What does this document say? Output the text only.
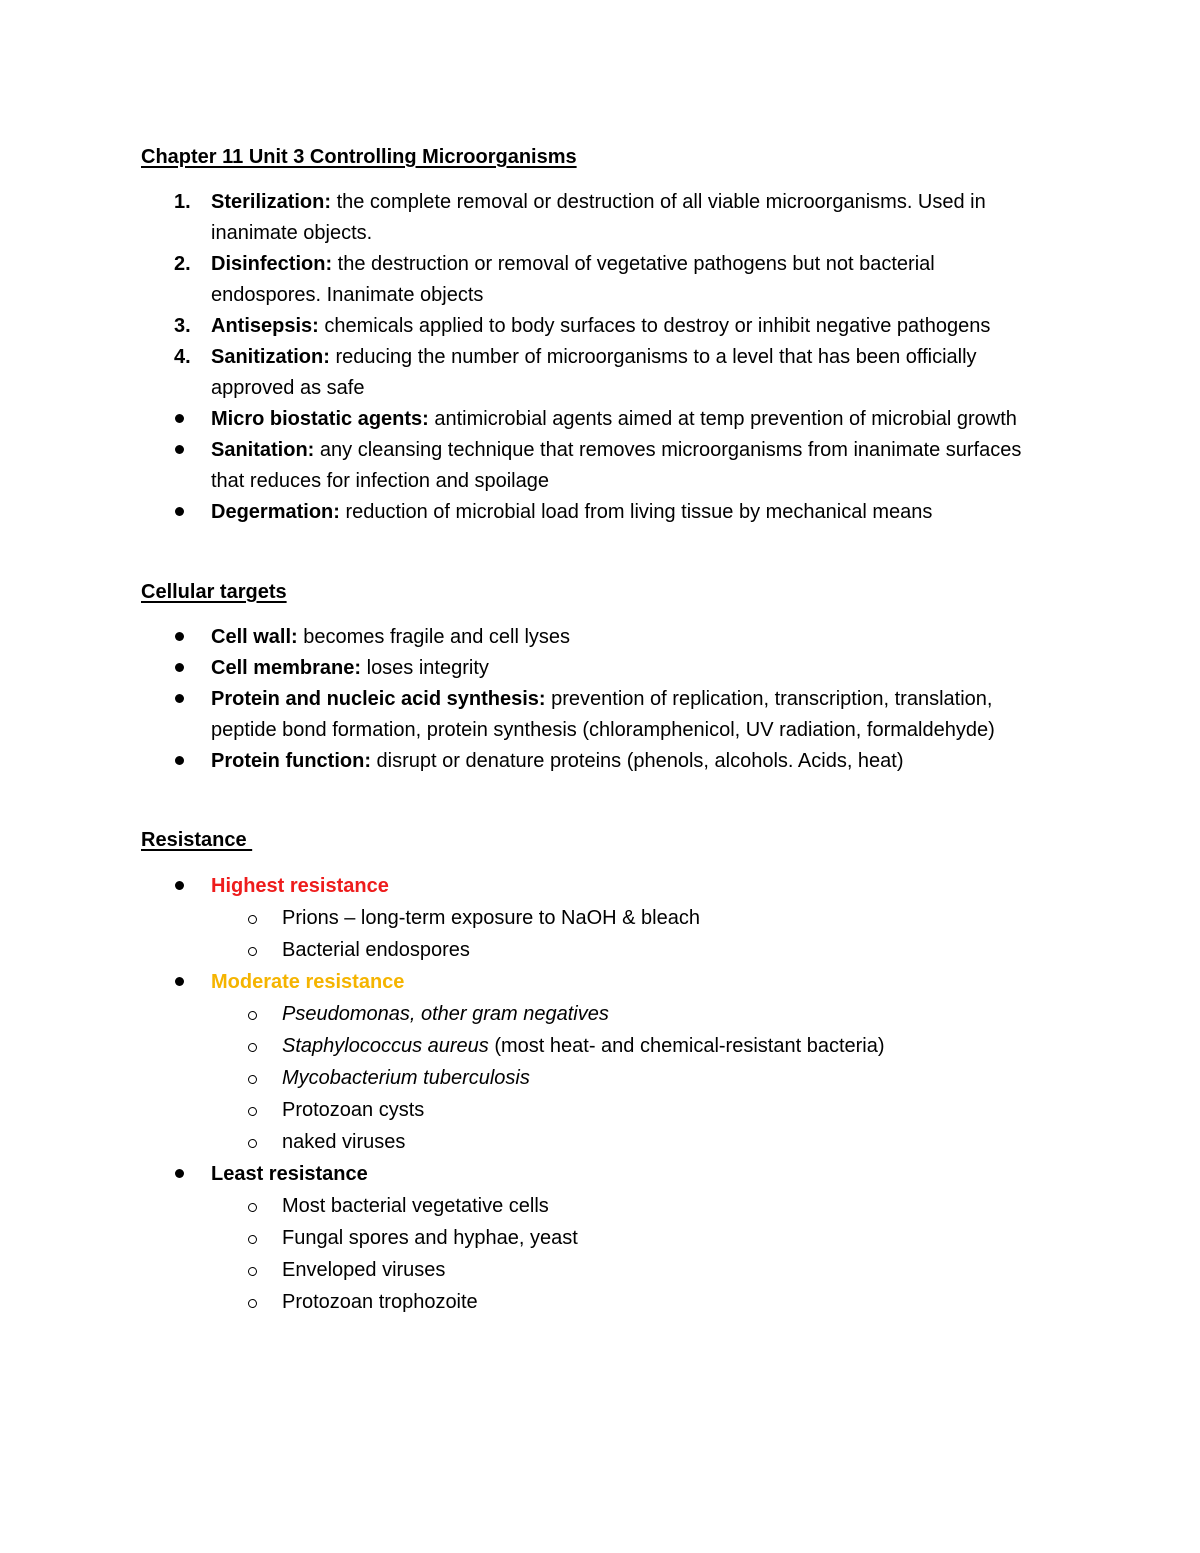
Chapter 11 Unit 3 Controlling Microorganisms
1.	Sterilization: the complete removal or destruction of all viable microorganisms. Used in inanimate objects.
2.	Disinfection: the destruction or removal of vegetative pathogens but not bacterial endospores. Inanimate objects
3.	Antisepsis: chemicals applied to body surfaces to destroy or inhibit negative pathogens
4.	Sanitization: reducing the number of microorganisms to a level that has been officially approved as safe
Micro biostatic agents: antimicrobial agents aimed at temp prevention of microbial growth
Sanitation: any cleansing technique that removes microorganisms from inanimate surfaces that reduces for infection and spoilage
Degermation: reduction of microbial load from living tissue by mechanical means
Cellular targets
Cell wall: becomes fragile and cell lyses
Cell membrane: loses integrity
Protein and nucleic acid synthesis: prevention of replication, transcription, translation, peptide bond formation, protein synthesis (chloramphenicol, UV radiation, formaldehyde)
Protein function: disrupt or denature proteins (phenols, alcohols. Acids, heat)
Resistance
Highest resistance
Prions – long-term exposure to NaOH & bleach
Bacterial endospores
Moderate resistance
Pseudomonas, other gram negatives
Staphylococcus aureus (most heat- and chemical-resistant bacteria)
Mycobacterium tuberculosis
Protozoan cysts
naked viruses
Least resistance
Most bacterial vegetative cells
Fungal spores and hyphae, yeast
Enveloped viruses
Protozoan trophozoite
